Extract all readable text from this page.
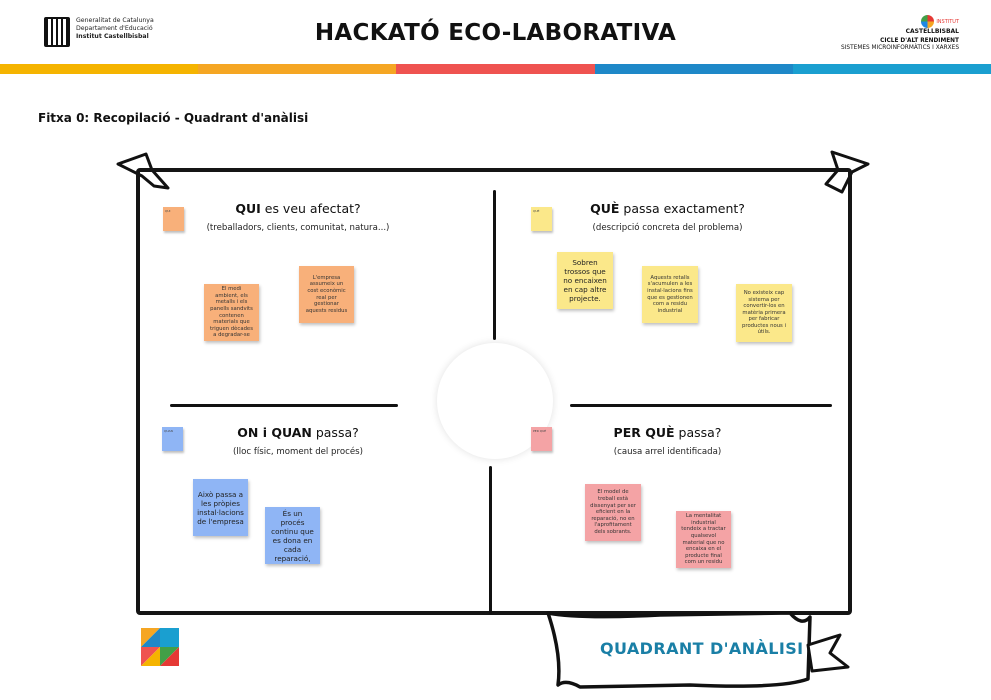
Generalitat de Catalunya
Departament d'Educació
Institut Castellbisbal	HACKATÓ ECO-LABORATIVA	INSTITUT
CASTELLBISBAL
CICLE D'ALT RENDIMENT
SISTEMES MICROINFORMÀTICS I XARXES
Fitxa 0: Recopilació - Quadrant d'anàlisi
QUI	QUI es veu afectat?
(treballadors, clients, comunitat, natura...)
El medi ambient, els metalls i els panells sandvits contenen materials que triguen dècades a degradar-se
L'empresa assumeix un cost econòmic real per gestionar aquests residus
QUÈ	QUÈ passa exactament?
(descripció concreta del problema)
Sobren trossos que no encaixen en cap altre projecte.
Aquests retalls s'acumulen a les instal·lacions fins que es gestionen com a residu industrial
No existeix cap sistema per convertir-los en matèria primera per fabricar productes nous i útils.
QUAN	ON i QUAN passa?
(lloc físic, moment del procés)
Això passa a les pròpies instal·lacions de l'empresa
És un procés continu que es dona en cada reparació,
PER QUÈ	PER QUÈ passa?
(causa arrel identificada)
El model de treball està dissenyat per ser eficient en la reparació, no en l'aprofitament dels sobrants.
La mentalitat industrial tendeix a tractar qualsevol material que no encaixa en el producte final com un residu
QUADRANT D'ANÀLISI
